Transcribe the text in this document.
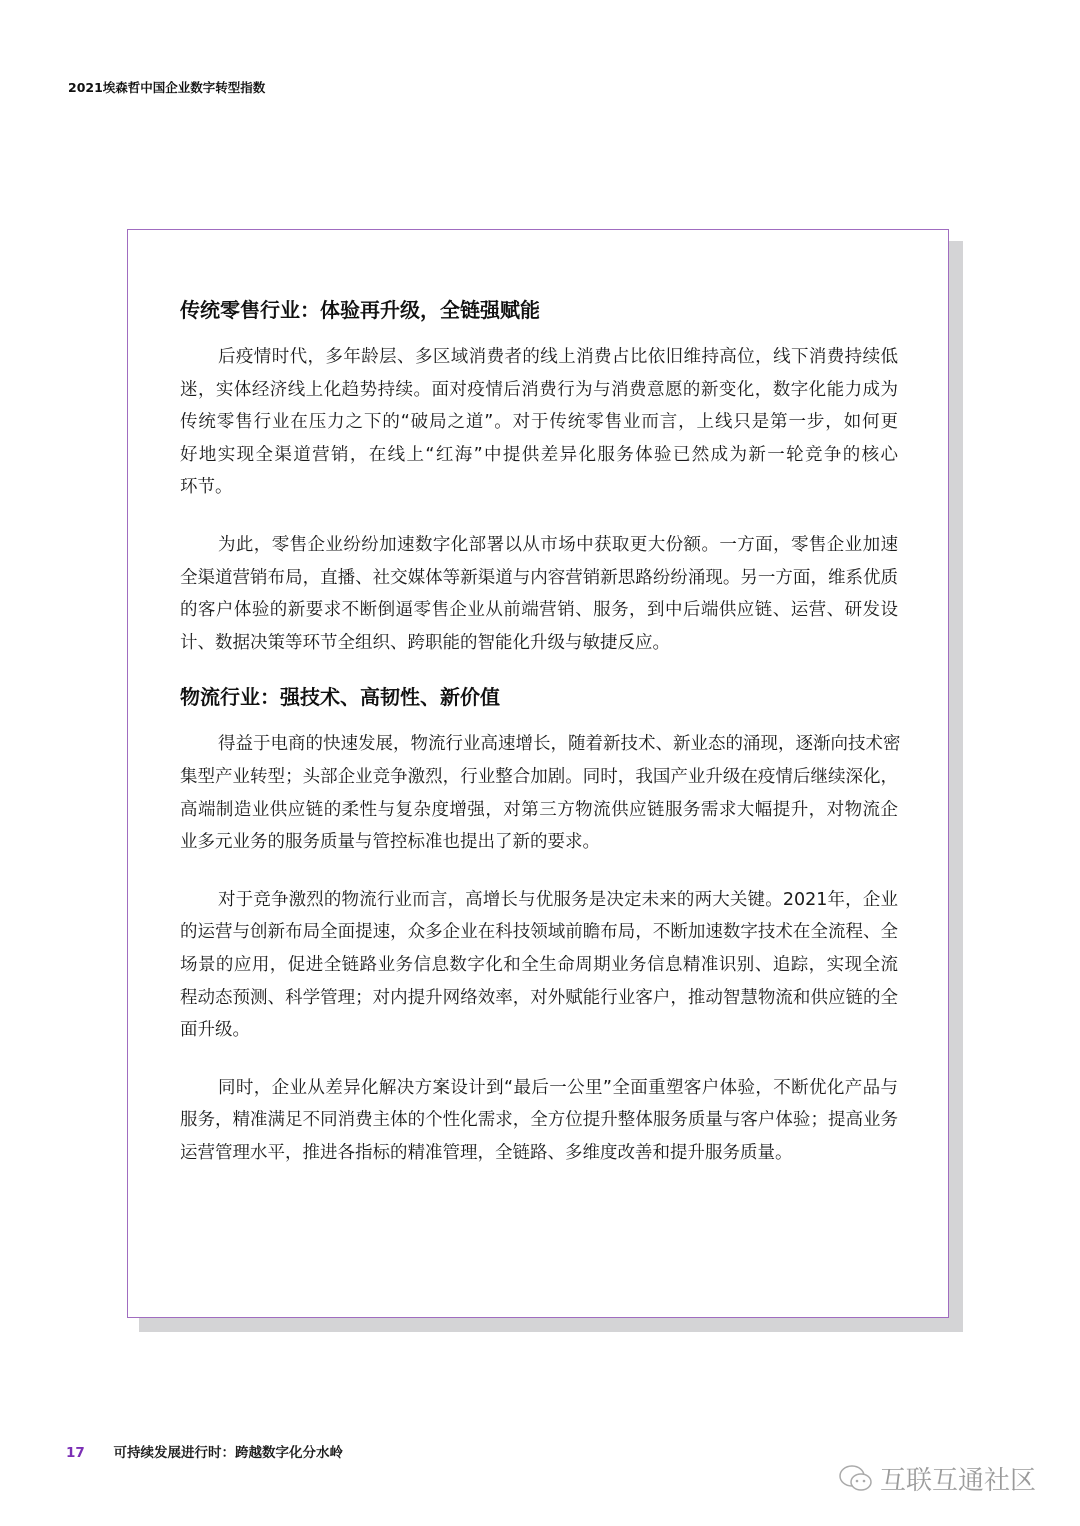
2021埃森哲中国企业数字转型指数
传统零售行业：体验再升级，全链强赋能
后疫情时代，多年龄层、多区域消费者的线上消费占比依旧维持高位，线下消费持续低
迷，实体经济线上化趋势持续。面对疫情后消费行为与消费意愿的新变化，数字化能力成为
传统零售行业在压力之下的“破局之道”。对于传统零售业而言，上线只是第一步，如何更
好地实现全渠道营销，在线上“红海”中提供差异化服务体验已然成为新一轮竞争的核心
环节。
为此，零售企业纷纷加速数字化部署以从市场中获取更大份额。一方面，零售企业加速
全渠道营销布局，直播、社交媒体等新渠道与内容营销新思路纷纷涌现。另一方面，维系优质
的客户体验的新要求不断倒逼零售企业从前端营销、服务，到中后端供应链、运营、研发设
计、数据决策等环节全组织、跨职能的智能化升级与敏捷反应。
物流行业：强技术、高韧性、新价值
得益于电商的快速发展，物流行业高速增长，随着新技术、新业态的涌现，逐渐向技术密
集型产业转型；头部企业竞争激烈，行业整合加剧。同时，我国产业升级在疫情后继续深化，
高端制造业供应链的柔性与复杂度增强，对第三方物流供应链服务需求大幅提升，对物流企
业多元业务的服务质量与管控标准也提出了新的要求。
对于竞争激烈的物流行业而言，高增长与优服务是决定未来的两大关键。2021年，企业
的运营与创新布局全面提速，众多企业在科技领域前瞻布局，不断加速数字技术在全流程、全
场景的应用，促进全链路业务信息数字化和全生命周期业务信息精准识别、追踪，实现全流
程动态预测、科学管理；对内提升网络效率，对外赋能行业客户，推动智慧物流和供应链的全
面升级。
同时，企业从差异化解决方案设计到“最后一公里”全面重塑客户体验，不断优化产品与
服务，精准满足不同消费主体的个性化需求，全方位提升整体服务质量与客户体验；提高业务
运营管理水平，推进各指标的精准管理，全链路、多维度改善和提升服务质量。
17 可持续发展进行时：跨越数字化分水岭
互联互通社区
